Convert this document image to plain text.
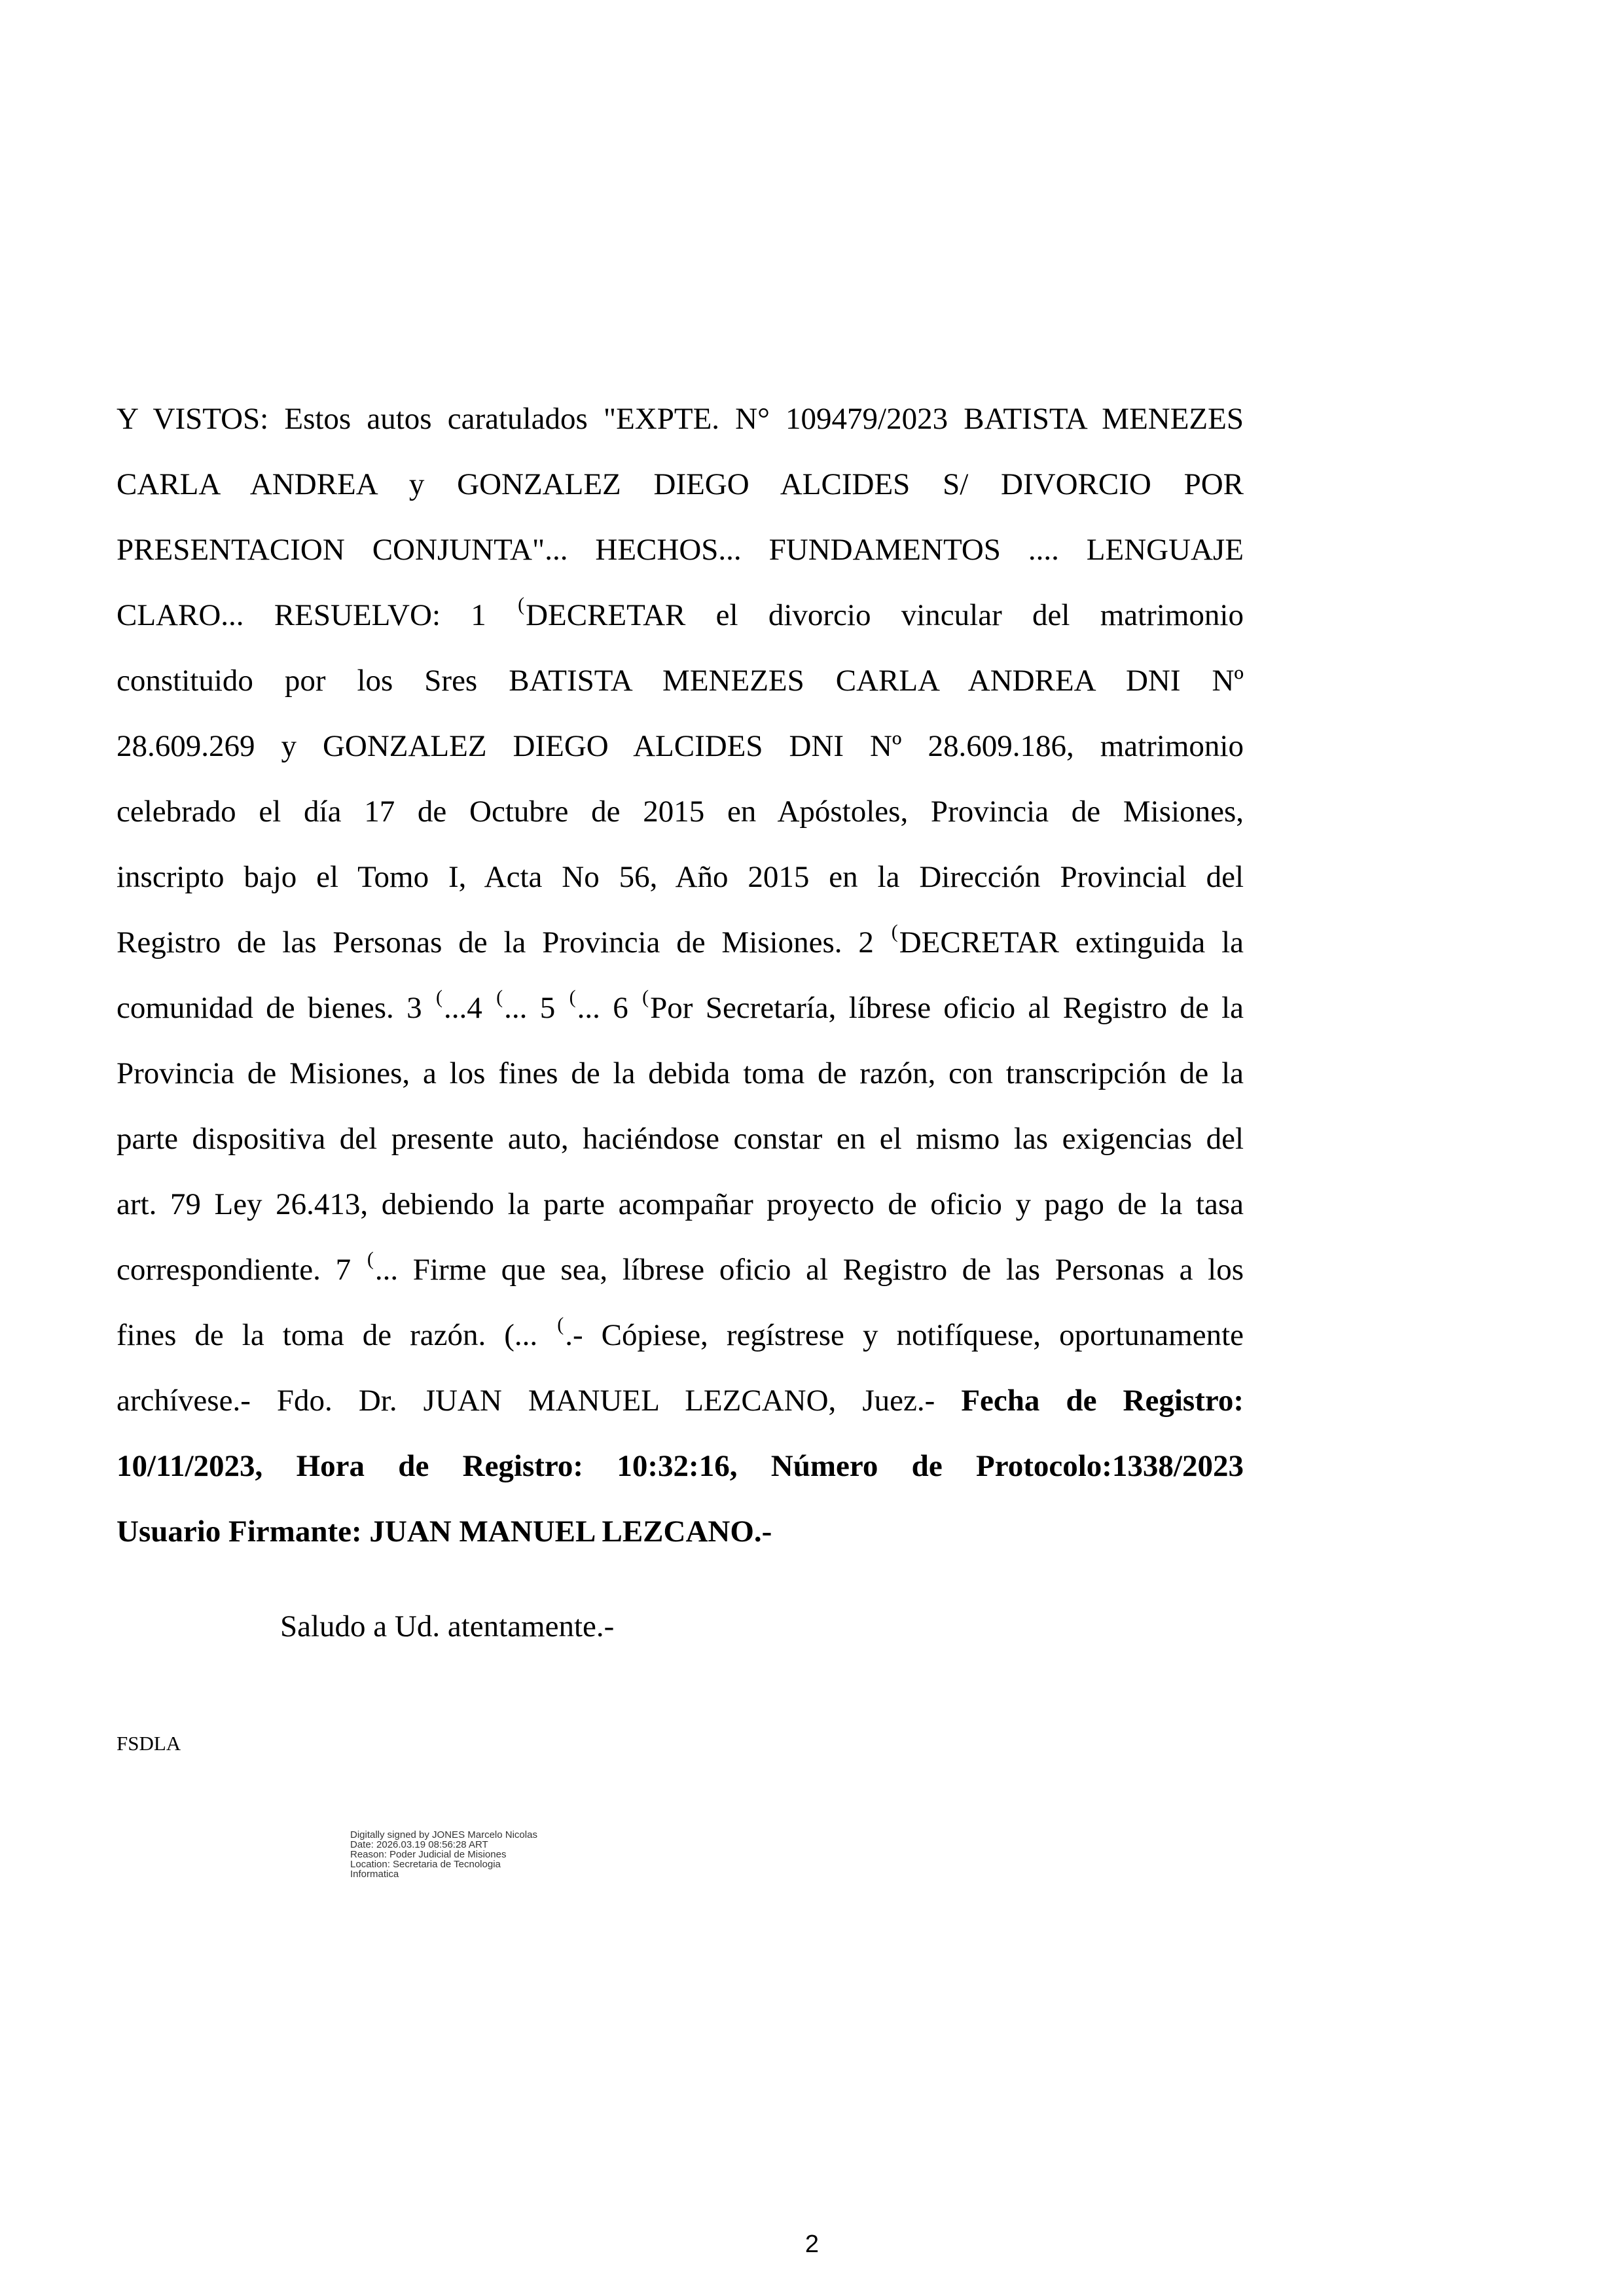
Y VISTOS: Estos autos caratulados "EXPTE. N° 109479/2023 BATISTA MENEZES
CARLA ANDREA y GONZALEZ DIEGO ALCIDES S/ DIVORCIO POR
PRESENTACION CONJUNTA"... HECHOS... FUNDAMENTOS .... LENGUAJE
CLARO... RESUELVO: 1 (DECRETAR el divorcio vincular del matrimonio
constituido por los Sres BATISTA MENEZES CARLA ANDREA DNI Nº
28.609.269 y GONZALEZ DIEGO ALCIDES DNI Nº 28.609.186, matrimonio
celebrado el día 17 de Octubre de 2015 en Apóstoles, Provincia de Misiones,
inscripto bajo el Tomo I, Acta No 56, Año 2015 en la Dirección Provincial del
Registro de las Personas de la Provincia de Misiones. 2 (DECRETAR extinguida la
comunidad de bienes. 3 (...4 (... 5 (... 6 (Por Secretaría, líbrese oficio al Registro de la
Provincia de Misiones, a los fines de la debida toma de razón, con transcripción de la
parte dispositiva del presente auto, haciéndose constar en el mismo las exigencias del
art. 79 Ley 26.413, debiendo la parte acompañar proyecto de oficio y pago de la tasa
correspondiente. 7 (... Firme que sea, líbrese oficio al Registro de las Personas a los
fines de la toma de razón. (... (.- Cópiese, regístrese y notifíquese, oportunamente
archívese.- Fdo. Dr. JUAN MANUEL LEZCANO, Juez.- Fecha de Registro:
10/11/2023, Hora de Registro: 10:32:16, Número de Protocolo:1338/2023
Usuario Firmante: JUAN MANUEL LEZCANO.-

Saludo a Ud. atentamente.-

FSDLA

Digitally signed by JONES Marcelo Nicolas
Date: 2026.03.19 08:56:28 ART
Reason: Poder Judicial de Misiones
Location: Secretaria de Tecnologia
Informatica
2
